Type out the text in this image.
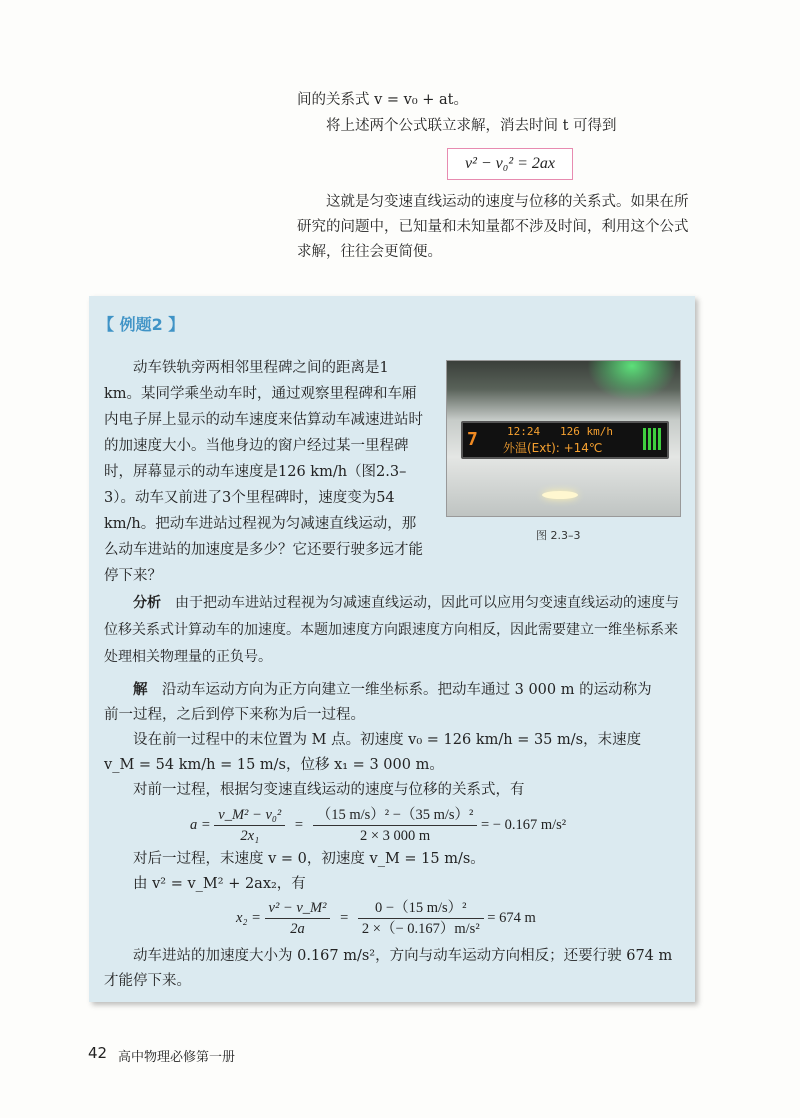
间的关系式 v = v₀ + at。
将上述两个公式联立求解，消去时间 t 可得到
v² − v₀² = 2ax
这就是匀变速直线运动的速度与位移的关系式。如果在所研究的问题中，已知量和未知量都不涉及时间，利用这个公式求解，往往会更简便。
【 例题2 】
动车铁轨旁两相邻里程碑之间的距离是1 km。某同学乘坐动车时，通过观察里程碑和车厢内电子屏上显示的动车速度来估算动车减速进站时的加速度大小。当他身边的窗户经过某一里程碑时，屏幕显示的动车速度是126 km/h（图2.3–3）。动车又前进了3个里程碑时，速度变为54 km/h。把动车进站过程视为匀减速直线运动，那么动车进站的加速度是多少？它还要行驶多远才能停下来？
7	12:24   126 km/h
外温(Ext): +14℃
图 2.3–3
分析　 由于把动车进站过程视为匀减速直线运动，因此可以应用匀变速直线运动的速度与位移关系式计算动车的加速度。本题加速度方向跟速度方向相反，因此需要建立一维坐标系来处理相关物理量的正负号。
解　 沿动车运动方向为正方向建立一维坐标系。把动车通过 3 000 m 的运动称为
前一过程，之后到停下来称为后一过程。
设在前一过程中的末位置为 M 点。初速度 v₀ = 126 km/h = 35 m/s，末速度
v_M = 54 km/h = 15 m/s，位移 x₁ = 3 000 m。
对前一过程，根据匀变速直线运动的速度与位移的关系式，有
$a = \frac{\text{v\_M² − v₀²}}{\text{2x₁}} = \frac{\text{（15 m/s）² −（35 m/s）²}}{2 \times 3 000 m}$ = − 0.167 m/s²
对后一过程，末速度 v = 0，初速度 v_M = 15 m/s。
由 v² = v_M² + 2ax₂，有
$x_2 = \frac{\text{v² − v\_M²}}{2a} = \frac{\text{0 −（15 m/s）²}}{\text{2 ×（− 0.167）m/s²}} = 674$ m
动车进站的加速度大小为 0.167 m/s²，方向与动车运动方向相反；还要行驶 674 m
才能停下来。
42 高中物理必修第一册
